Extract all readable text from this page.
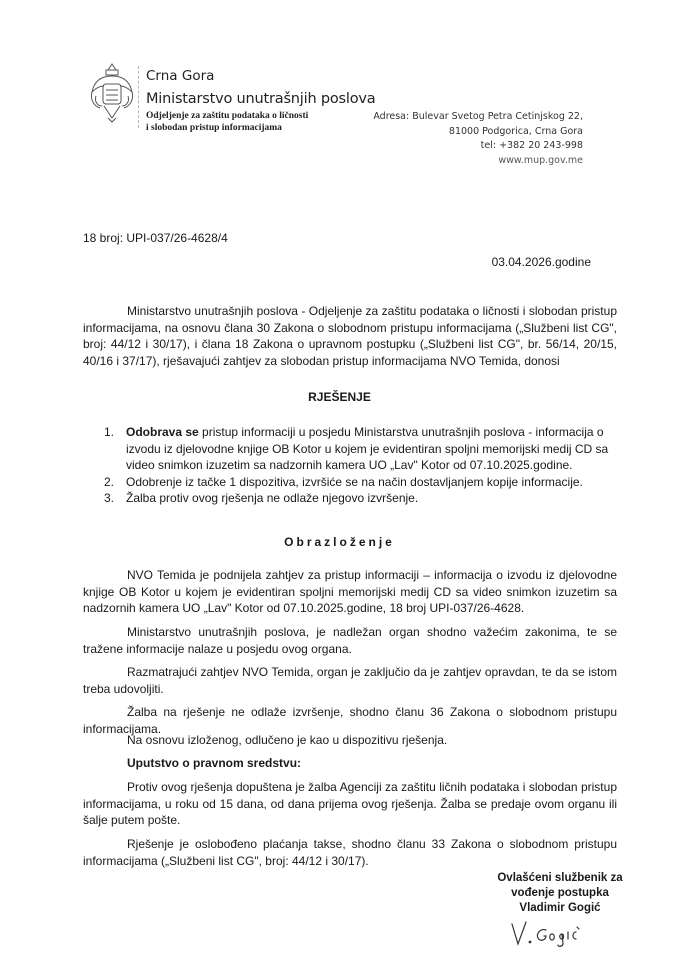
Crna Gora
Ministarstvo unutrašnjih poslova
Odjeljenje za zaštitu podataka o ličnosti
i slobodan pristup informacijama
Adresa: Bulevar Svetog Petra Cetinjskog 22,
81000 Podgorica, Crna Gora
tel: +382 20 243-998
www.mup.gov.me
18 broj: UPI-037/26-4628/4
03.04.2026.godine
Ministarstvo unutrašnjih poslova - Odjeljenje za zaštitu podataka o ličnosti i slobodan pristup informacijama, na osnovu člana 30 Zakona o slobodnom pristupu informacijama („Službeni list CG", broj: 44/12 i 30/17), i člana 18 Zakona o upravnom postupku („Službeni list CG", br. 56/14, 20/15, 40/16 i 37/17), rješavajući zahtjev za slobodan pristup informacijama NVO Temida, donosi
RJEŠENJE
1. Odobrava se pristup informaciji u posjedu Ministarstva unutrašnjih poslova - informacija o izvodu iz djelovodne knjige OB Kotor u kojem je evidentiran spoljni memorijski medij CD sa video snimkon izuzetim sa nadzornih kamera UO „Lav" Kotor od 07.10.2025.godine.
2. Odobrenje iz tačke 1 dispozitiva, izvršiće se na način dostavljanjem kopije informacije.
3. Žalba protiv ovog rješenja ne odlaže njegovo izvršenje.
Obrazloženje
NVO Temida je podnijela zahtjev za pristup informaciji – informacija o izvodu iz djelovodne knjige OB Kotor u kojem je evidentiran spoljni memorijski medij CD sa video snimkon izuzetim sa nadzornih kamera UO „Lav" Kotor od 07.10.2025.godine, 18 broj UPI-037/26-4628.
Ministarstvo unutrašnjih poslova, je nadležan organ shodno važećim zakonima, te se tražene informacije nalaze u posjedu ovog organa.
Razmatrajući zahtjev NVO Temida, organ je zaključio da je zahtjev opravdan, te da se istom treba udovoljiti.
Žalba na rješenje ne odlaže izvršenje, shodno članu 36 Zakona o slobodnom pristupu informacijama.
Na osnovu izloženog, odlučeno je kao u dispozitivu rješenja.
Uputstvo o pravnom sredstvu:
Protiv ovog rješenja dopuštena je žalba Agenciji za zaštitu ličnih podataka i slobodan pristup informacijama, u roku od 15 dana, od dana prijema ovog rješenja. Žalba se predaje ovom organu ili šalje putem pošte.
Rješenje je oslobođeno plaćanja takse, shodno članu 33 Zakona o slobodnom pristupu informacijama („Službeni list CG", broj: 44/12 i 30/17).
Ovlašćeni službenik za
vođenje postupka
Vladimir Gogić
